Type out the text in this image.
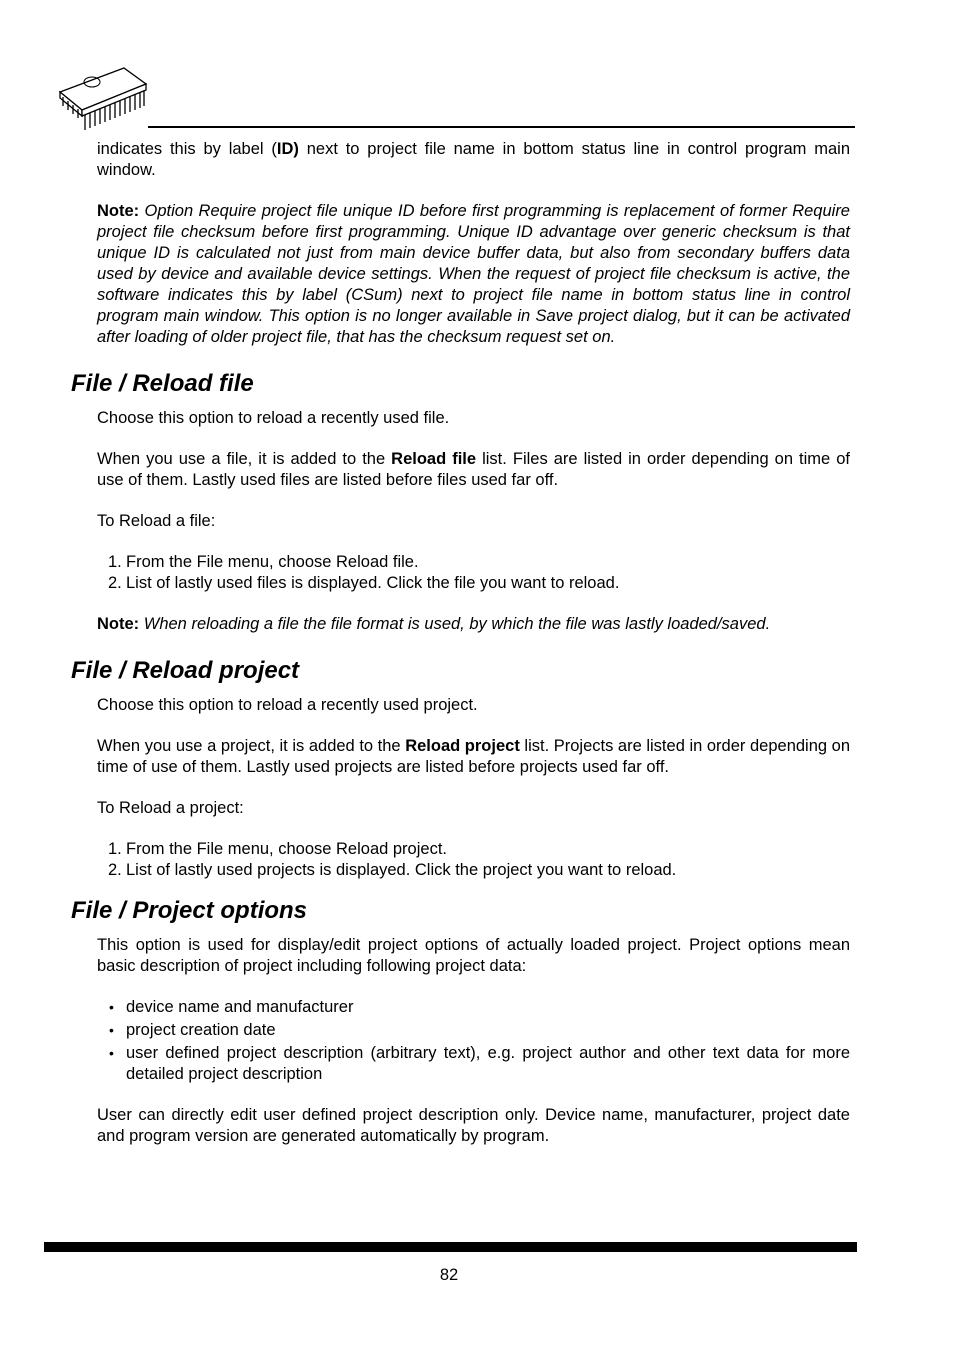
indicates this by label (ID) next to project file name in bottom status line in control program main window.

Note: Option Require project file unique ID before first programming is replacement of former Require project file checksum before first programming. Unique ID advantage over generic checksum is that unique ID is calculated not just from main device buffer data, but also from secondary buffers data used by device and available device settings. When the request of project file checksum is active, the software indicates this by label (CSum) next to project file name in bottom status line in control program main window. This option is no longer available in Save project dialog, but it can be activated after loading of older project file, that has the checksum request set on.

File / Reload file

Choose this option to reload a recently used file.

When you use a file, it is added to the Reload file list. Files are listed in order depending on time of use of them. Lastly used files are listed before files used far off.

To Reload a file:

1. From the File menu, choose Reload file.
2. List of lastly used files is displayed. Click the file you want to reload.

Note: When reloading a file the file format is used, by which the file was lastly loaded/saved.

File / Reload project

Choose this option to reload a recently used project.

When you use a project, it is added to the Reload project list. Projects are listed in order depending on time of use of them. Lastly used projects are listed before projects used far off.

To Reload a project:

1. From the File menu, choose Reload project.
2. List of lastly used projects is displayed. Click the project you want to reload.
File / Project options

This option is used for display/edit project options of actually loaded project. Project options mean basic description of project including following project data:

• device name and manufacturer
• project creation date
• user defined project description (arbitrary text), e.g. project author and other text data for more detailed project description

User can directly edit user defined project description only. Device name, manufacturer, project date and program version are generated automatically by program.

82
